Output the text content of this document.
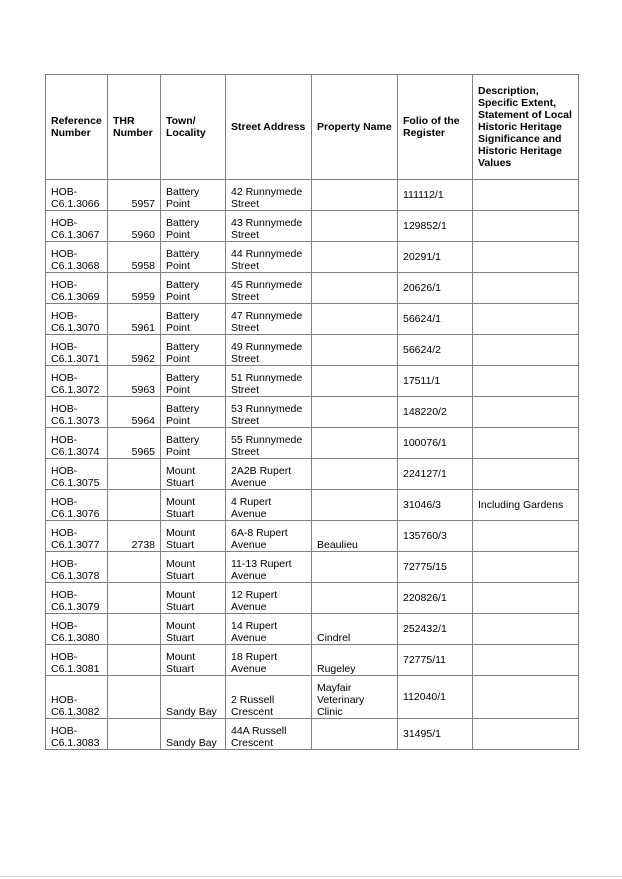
Reference Number	THR Number	Town/ Locality	Street Address	Property Name	Folio of the Register	Description, Specific Extent, Statement of Local Historic Heritage Significance and Historic Heritage Values
HOB-
C6.1.3066	5957	Battery Point	42 Runnymede Street		111112/1	
HOB-
C6.1.3067	5960	Battery Point	43 Runnymede Street		129852/1	
HOB-
C6.1.3068	5958	Battery Point	44 Runnymede Street		20291/1	
HOB-
C6.1.3069	5959	Battery Point	45 Runnymede Street		20626/1	
HOB-
C6.1.3070	5961	Battery Point	47 Runnymede Street		56624/1	
HOB-
C6.1.3071	5962	Battery Point	49 Runnymede Street		56624/2	
HOB-
C6.1.3072	5963	Battery Point	51 Runnymede Street		17511/1	
HOB-
C6.1.3073	5964	Battery Point	53 Runnymede Street		148220/2	
HOB-
C6.1.3074	5965	Battery Point	55 Runnymede Street		100076/1	
HOB-
C6.1.3075		Mount Stuart	2A2B Rupert Avenue		224127/1	
HOB-
C6.1.3076		Mount Stuart	4 Rupert Avenue		31046/3	Including Gardens
HOB-
C6.1.3077	2738	Mount Stuart	6A-8 Rupert Avenue	Beaulieu	135760/3	
HOB-
C6.1.3078		Mount Stuart	11-13 Rupert Avenue		72775/15	
HOB-
C6.1.3079		Mount Stuart	12 Rupert Avenue		220826/1	
HOB-
C6.1.3080		Mount Stuart	14 Rupert Avenue	Cindrel	252432/1	
HOB-
C6.1.3081		Mount Stuart	18 Rupert Avenue	Rugeley	72775/11	
HOB-
C6.1.3082		Sandy Bay	2 Russell Crescent	Mayfair Veterinary Clinic	112040/1	
HOB-
C6.1.3083		Sandy Bay	44A Russell Crescent		31495/1	
